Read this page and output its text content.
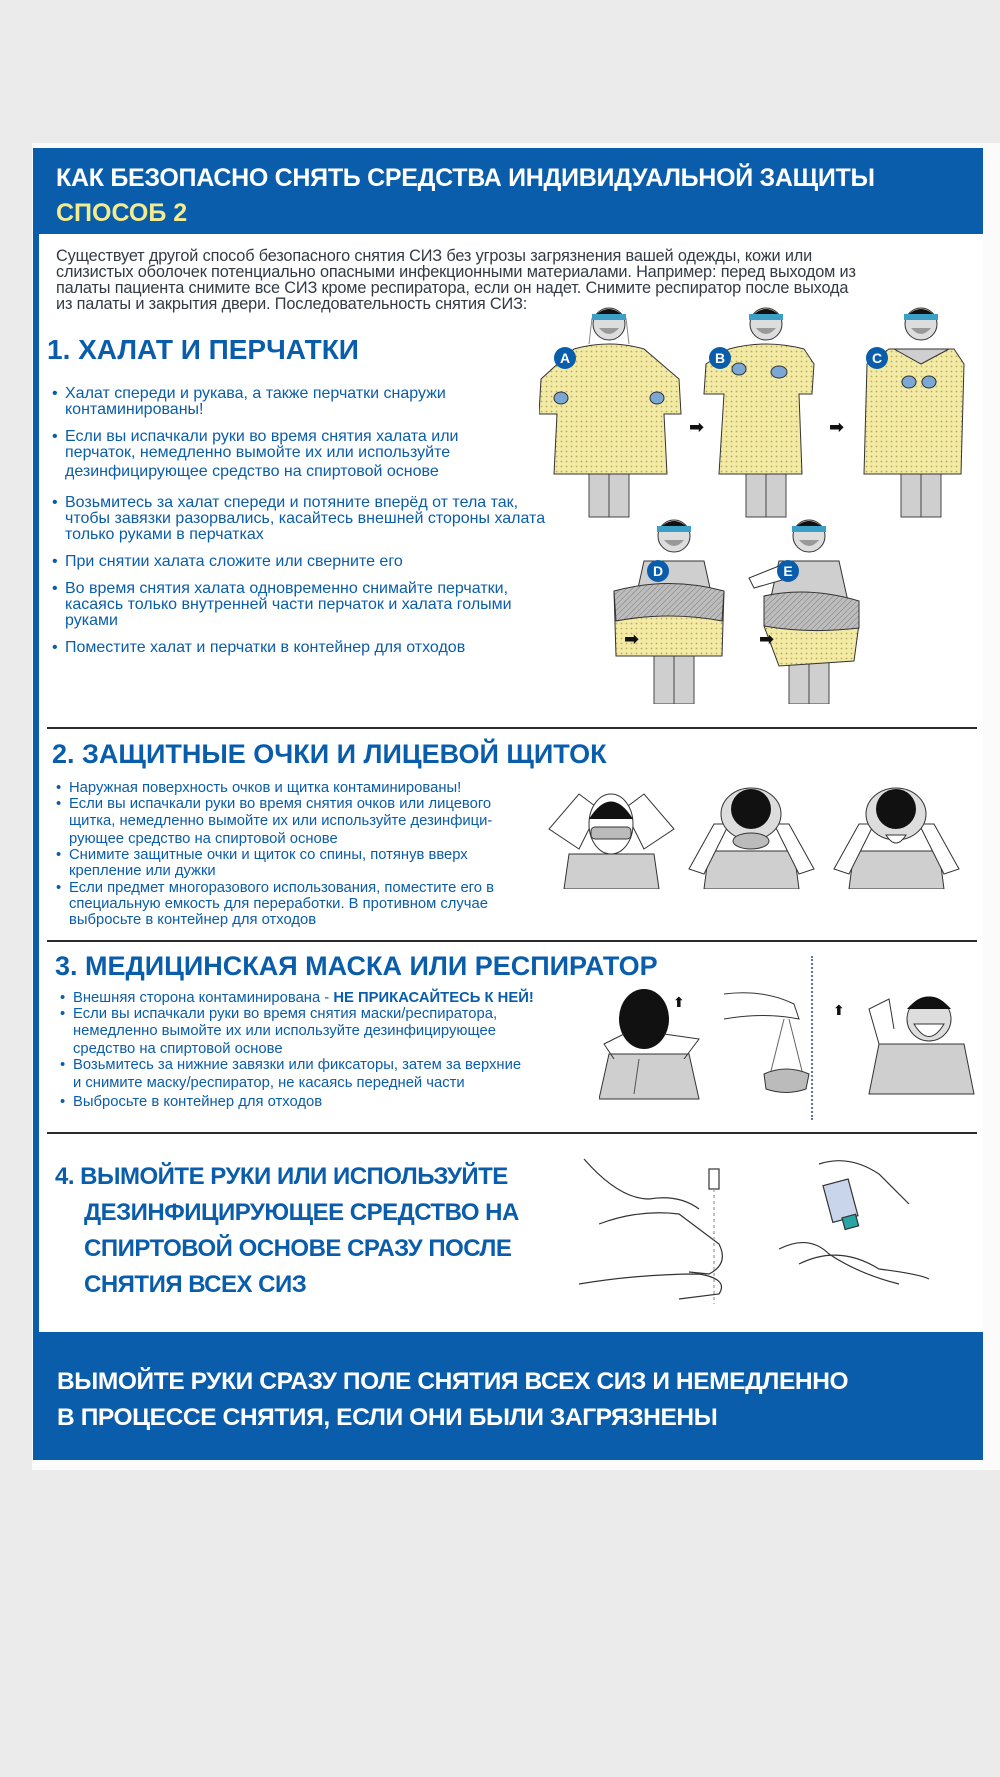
КАК БЕЗОПАСНО СНЯТЬ СРЕДСТВА ИНДИВИДУАЛЬНОЙ ЗАЩИТЫ
СПОСОБ 2
Существует другой способ безопасного снятия СИЗ без угрозы загрязнения вашей одежды, кожи или
слизистых оболочек потенциально опасными инфекционными материалами. Например: перед выходом из
палаты пациента снимите все СИЗ кроме респиратора, если он надет. Снимите респиратор после выхода
из палаты и закрытия двери. Последовательность снятия СИЗ:
1. ХАЛАТ И ПЕРЧАТКИ
• Халат спереди и рукава, а также перчатки снаружи
контаминированы!
• Если вы испачкали руки во время снятия халата или
перчаток, немедленно вымойте их или используйте
дезинфицирующее средство на спиртовой основе
• Возьмитесь за халат спереди и потяните вперёд от тела так,
чтобы завязки разорвались, касайтесь внешней стороны халата
только руками в перчатках
• При снятии халата сложите или сверните его
• Во время снятия халата одновременно снимайте перчатки,
касаясь только внутренней части перчаток и халата голыми
руками
• Поместите халат и перчатки в контейнер для отходов
A	B	C
D	E
➡	➡
➡	➡
2. ЗАЩИТНЫЕ ОЧКИ И ЛИЦЕВОЙ ЩИТОК
• Наружная поверхность очков и щитка контаминированы!
• Если вы испачкали руки во время снятия очков или лицевого
щитка, немедленно вымойте их или используйте дезинфици-
рующее средство на спиртовой основе
• Снимите защитные очки и щиток со спины, потянув вверх
крепление или дужки
• Если предмет многоразового использования, поместите его в
специальную емкость для переработки. В противном случае
выбросьте в контейнер для отходов
3. МЕДИЦИНСКАЯ МАСКА ИЛИ РЕСПИРАТОР
• Внешняя сторона контаминирована - НЕ ПРИКАСАЙТЕСЬ К НЕЙ!
• Если вы испачкали руки во время снятия маски/респиратора,
немедленно вымойте их или используйте дезинфицирующее
средство на спиртовой основе
• Возьмитесь за нижние завязки или фиксаторы, затем за верхние
и снимите маску/респиратор, не касаясь передней части
• Выбросьте в контейнер для отходов
⬆	⬆
4. ВЫМОЙТЕ РУКИ ИЛИ ИСПОЛЬЗУЙТЕ
ДЕЗИНФИЦИРУЮЩЕЕ СРЕДСТВО НА
СПИРТОВОЙ ОСНОВЕ СРАЗУ ПОСЛЕ
СНЯТИЯ ВСЕХ СИЗ
ВЫМОЙТЕ РУКИ СРАЗУ ПОЛЕ СНЯТИЯ ВСЕХ СИЗ И НЕМЕДЛЕННО
В ПРОЦЕССЕ СНЯТИЯ, ЕСЛИ ОНИ БЫЛИ ЗАГРЯЗНЕНЫ
